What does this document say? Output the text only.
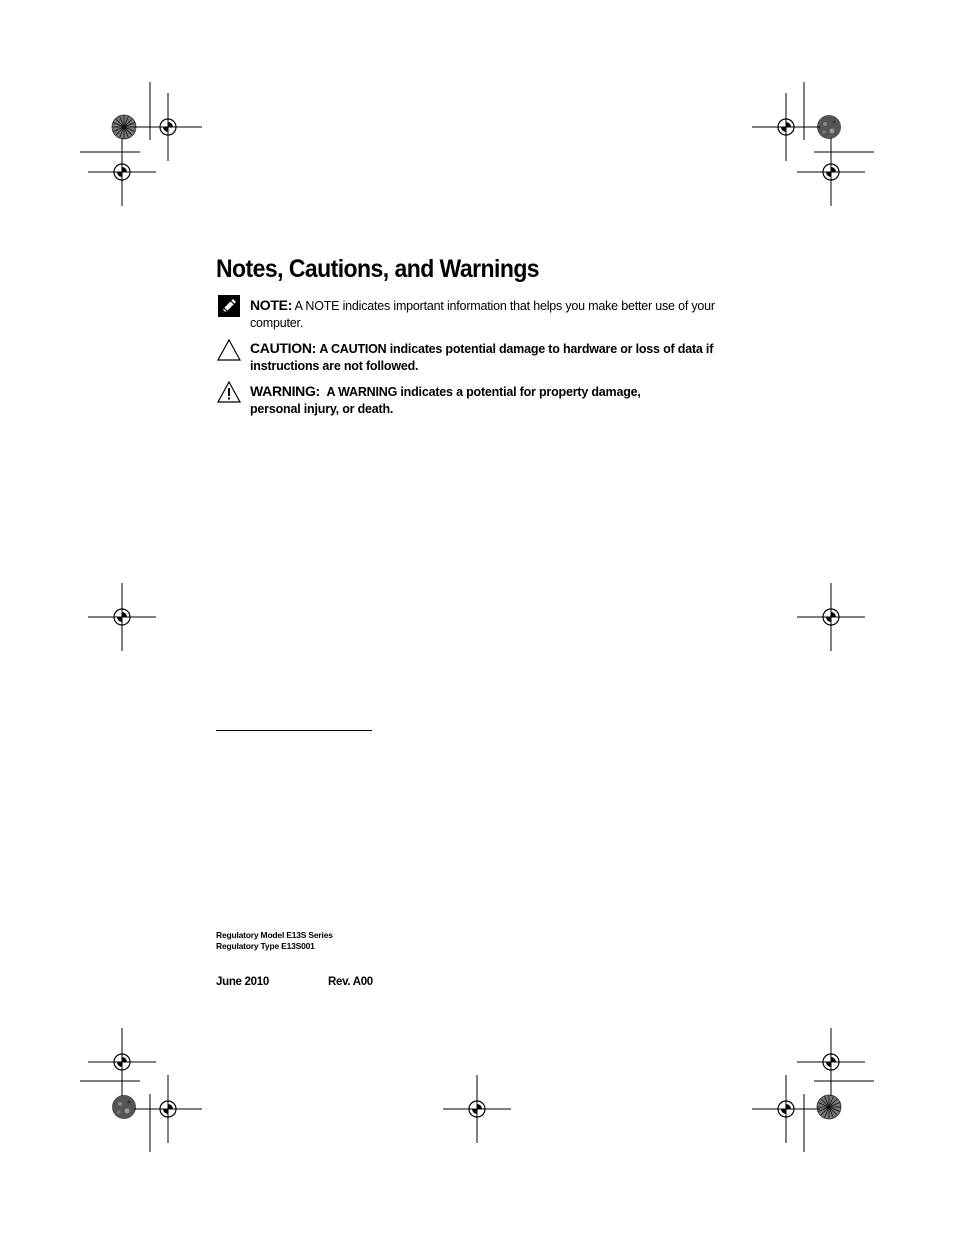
Notes, Cautions, and Warnings
NOTE: A NOTE indicates important information that helps you make better use of your computer.
CAUTION: A CAUTION indicates potential damage to hardware or loss of data if instructions are not followed.
WARNING: A WARNING indicates a potential for property damage,
personal injury, or death.
Regulatory Model E13S Series
Regulatory Type E13S001
June 2010	Rev. A00
